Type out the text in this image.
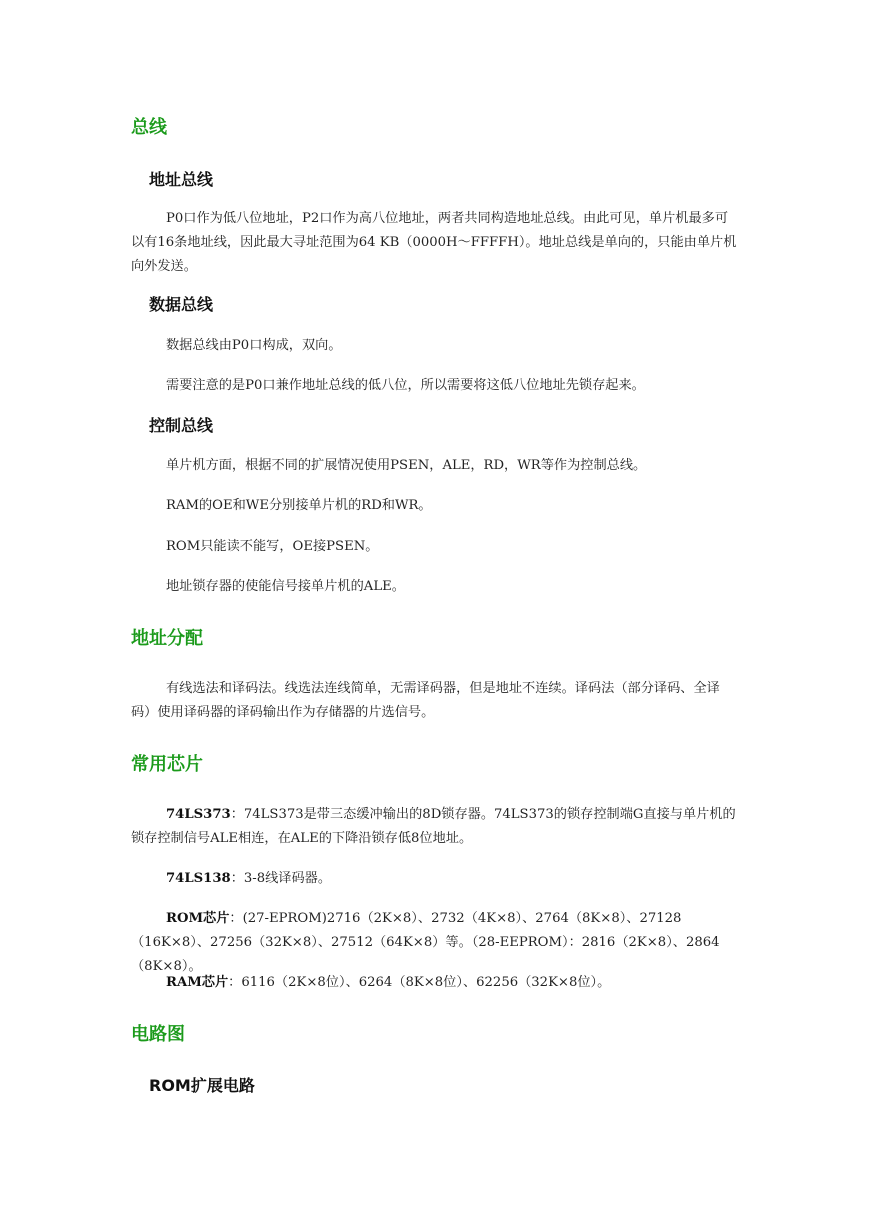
总线
地址总线
P0口作为低八位地址，P2口作为高八位地址，两者共同构造地址总线。由此可见，单片机最多可以有16条地址线，因此最大寻址范围为64 KB（0000H～FFFFH）。地址总线是单向的，只能由单片机向外发送。
数据总线
数据总线由P0口构成，双向。
需要注意的是P0口兼作地址总线的低八位，所以需要将这低八位地址先锁存起来。
控制总线
单片机方面，根据不同的扩展情况使用PSEN，ALE，RD，WR等作为控制总线。
RAM的OE和WE分别接单片机的RD和WR。
ROM只能读不能写，OE接PSEN。
地址锁存器的使能信号接单片机的ALE。
地址分配
有线选法和译码法。线选法连线简单，无需译码器，但是地址不连续。译码法（部分译码、全译码）使用译码器的译码输出作为存储器的片选信号。
常用芯片
74LS373：74LS373是带三态缓冲输出的8D锁存器。74LS373的锁存控制端G直接与单片机的锁存控制信号ALE相连，在ALE的下降沿锁存低8位地址。
74LS138：3-8线译码器。
ROM芯片：(27-EPROM)2716（2K×8）、2732（4K×8）、2764（8K×8）、27128（16K×8）、27256（32K×8）、27512（64K×8）等。（28-EEPROM）：2816（2K×8）、2864（8K×8）。
RAM芯片：6116（2K×8位）、6264（8K×8位）、62256（32K×8位）。
电路图
ROM扩展电路
